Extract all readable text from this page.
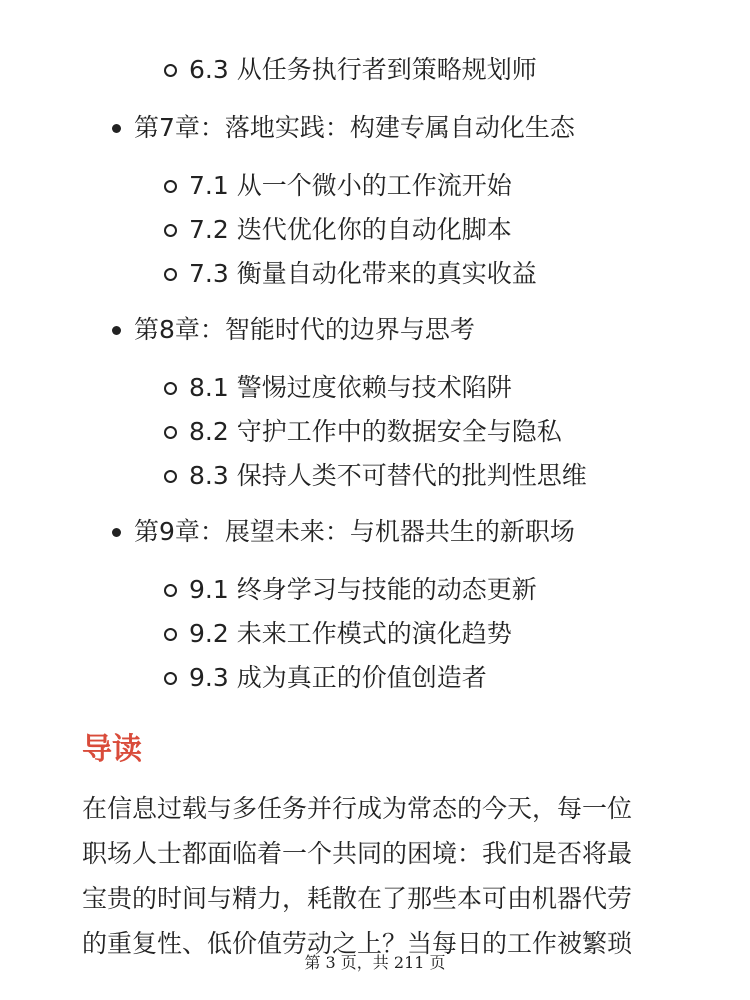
6.3 从任务执行者到策略规划师
第7章：落地实践：构建专属自动化生态
7.1 从一个微小的工作流开始
7.2 迭代优化你的自动化脚本
7.3 衡量自动化带来的真实收益
第8章：智能时代的边界与思考
8.1 警惕过度依赖与技术陷阱
8.2 守护工作中的数据安全与隐私
8.3 保持人类不可替代的批判性思维
第9章：展望未来：与机器共生的新职场
9.1 终身学习与技能的动态更新
9.2 未来工作模式的演化趋势
9.3 成为真正的价值创造者
导读
在信息过载与多任务并行成为常态的今天，每一位
职场人士都面临着一个共同的困境：我们是否将最
宝贵的时间与精力，耗散在了那些本可由机器代劳
的重复性、低价值劳动之上？当每日的工作被繁琐
第 3 页，共 211 页
